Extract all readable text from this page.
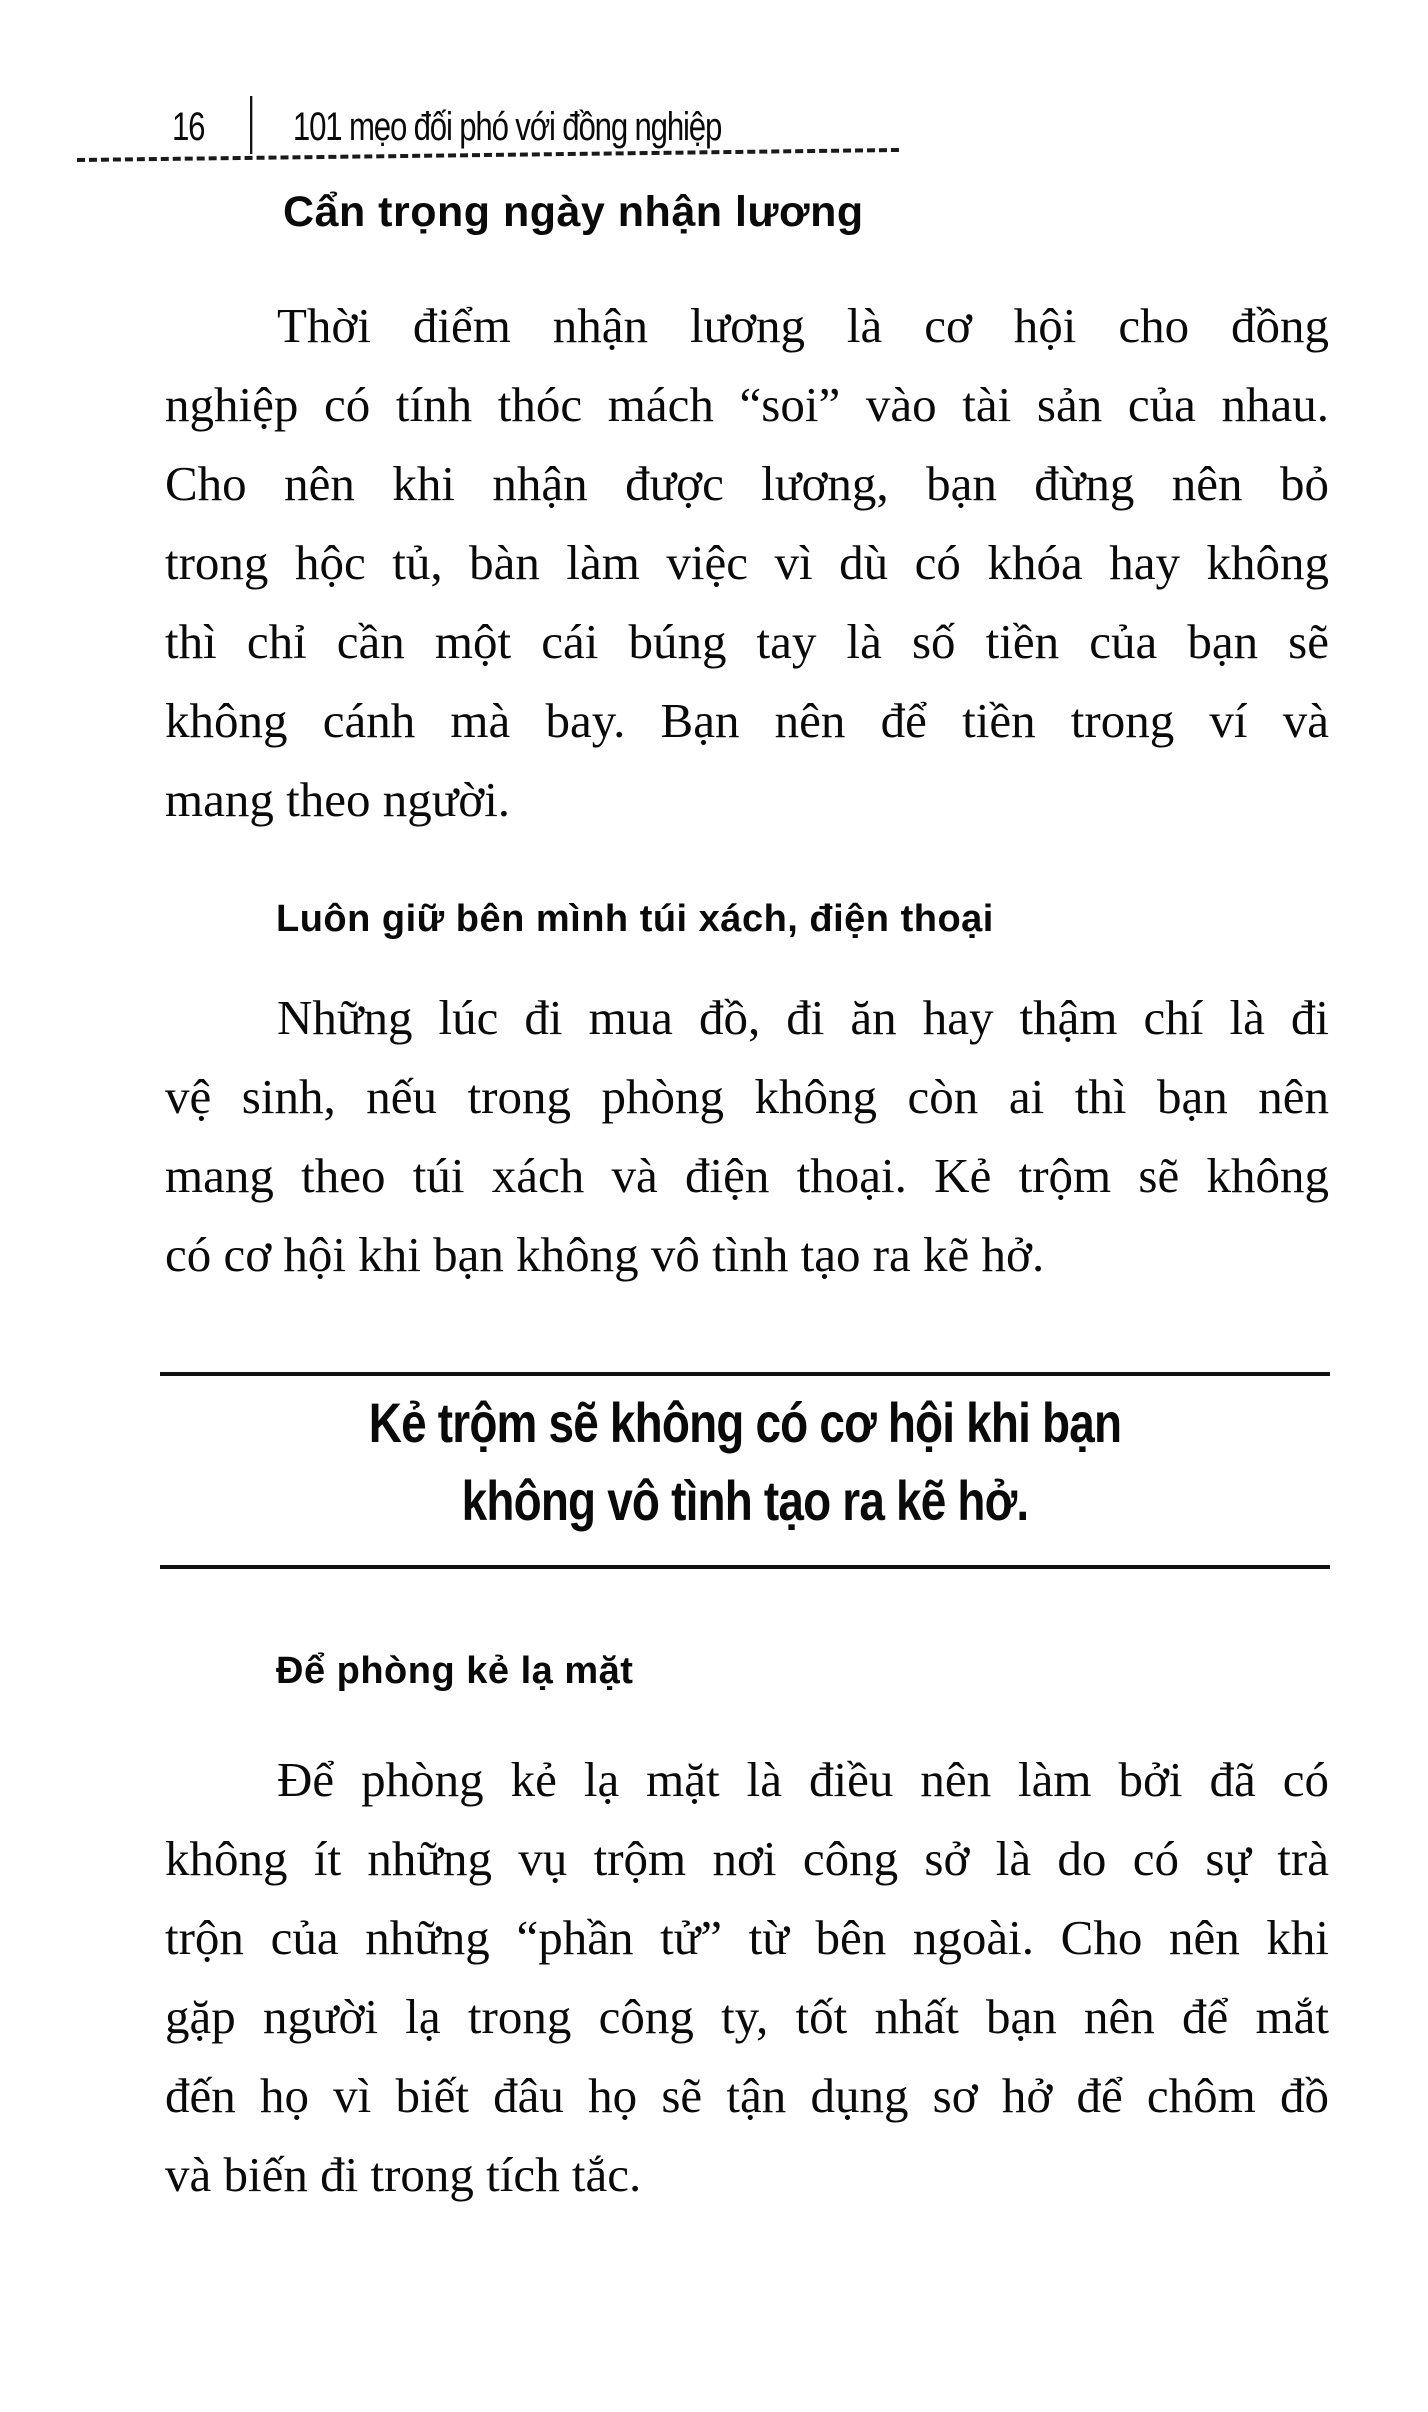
16 101 mẹo đối phó với đồng nghiệp
Cẩn trọng ngày nhận lương
Thời điểm nhận lương là cơ hội cho đồng
nghiệp có tính thóc mách “soi” vào tài sản của nhau.
Cho nên khi nhận được lương, bạn đừng nên bỏ
trong hộc tủ, bàn làm việc vì dù có khóa hay không
thì chỉ cần một cái búng tay là số tiền của bạn sẽ
không cánh mà bay. Bạn nên để tiền trong ví và
mang theo người.
Luôn giữ bên mình túi xách, điện thoại
Những lúc đi mua đồ, đi ăn hay thậm chí là đi
vệ sinh, nếu trong phòng không còn ai thì bạn nên
mang theo túi xách và điện thoại. Kẻ trộm sẽ không
có cơ hội khi bạn không vô tình tạo ra kẽ hở.
Kẻ trộm sẽ không có cơ hội khi bạn
không vô tình tạo ra kẽ hở.
Để phòng kẻ lạ mặt
Để phòng kẻ lạ mặt là điều nên làm bởi đã có
không ít những vụ trộm nơi công sở là do có sự trà
trộn của những “phần tử” từ bên ngoài. Cho nên khi
gặp người lạ trong công ty, tốt nhất bạn nên để mắt
đến họ vì biết đâu họ sẽ tận dụng sơ hở để chôm đồ
và biến đi trong tích tắc.
